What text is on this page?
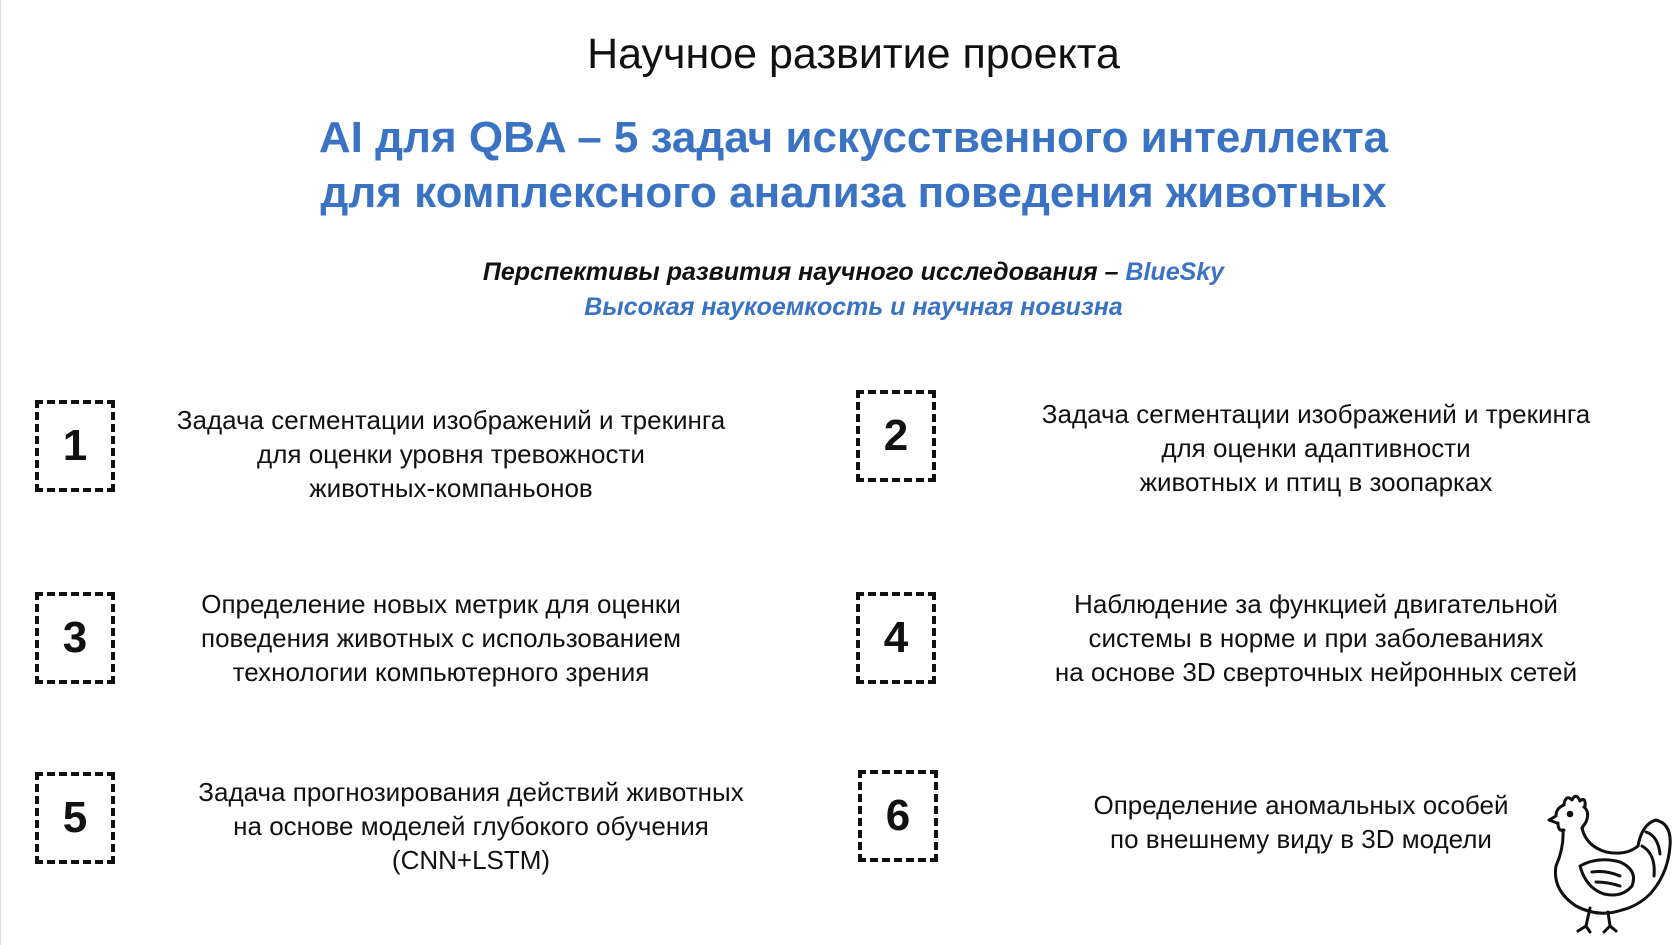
Научное развитие проекта
AI для QBA – 5 задач искусственного интеллекта
для комплексного анализа поведения животных
Перспективы развития научного исследования – BlueSky
Высокая наукоемкость и научная новизна
1
Задача сегментации изображений и трекинга
для оценки уровня тревожности
животных-компаньонов
2	Задача сегментации изображений и трекинга
для оценки адаптивности
животных и птиц в зоопарках
3
Определение новых метрик для оценки
поведения животных с использованием
технологии компьютерного зрения
4
Наблюдение за функцией двигательной
системы в норме и при заболеваниях
на основе 3D сверточных нейронных сетей
5
Задача прогнозирования действий животных
на основе моделей глубокого обучения
(CNN+LSTM)
6	Определение аномальных особей
по внешнему виду в 3D модели
